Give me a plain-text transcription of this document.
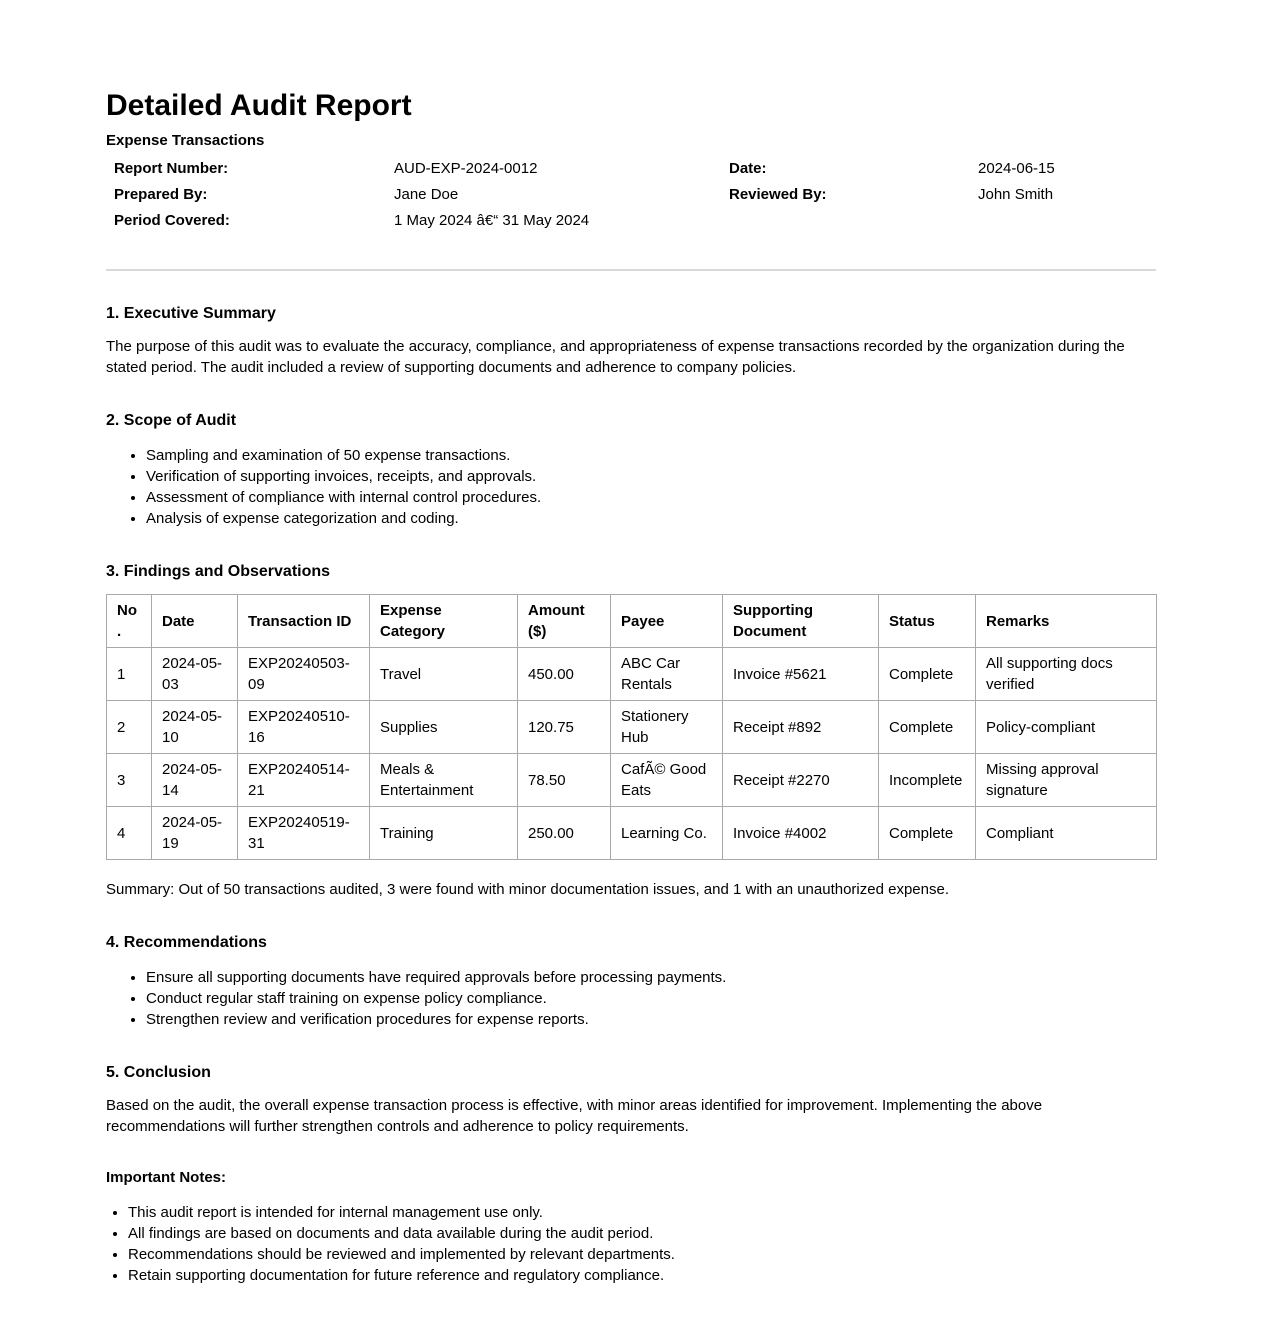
Detailed Audit Report

Expense Transactions

Report Number:	AUD-EXP-2024-0012	Date:	2024-06-15
Prepared By:	Jane Doe	Reviewed By:	John Smith
Period Covered:	1 May 2024 â€“ 31 May 2024		
1. Executive Summary

The purpose of this audit was to evaluate the accuracy, compliance, and appropriateness of expense transactions recorded by the organization during the stated period. The audit included a review of supporting documents and adherence to company policies.

2. Scope of Audit
• Sampling and examination of 50 expense transactions.
• Verification of supporting invoices, receipts, and approvals.
• Assessment of compliance with internal control procedures.
• Analysis of expense categorization and coding.
3. Findings and Observations
No.	Date	Transaction ID	Expense Category	Amount ($)	Payee	Supporting Document	Status	Remarks
1	2024-05-03	EXP20240503-09	Travel	450.00	ABC Car Rentals	Invoice #5621	Complete	All supporting docs verified
2	2024-05-10	EXP20240510-16	Supplies	120.75	Stationery Hub	Receipt #892	Complete	Policy-compliant
3	2024-05-14	EXP20240514-21	Meals & Entertainment	78.50	CafÃ© Good Eats	Receipt #2270	Incomplete	Missing approval signature
4	2024-05-19	EXP20240519-31	Training	250.00	Learning Co.	Invoice #4002	Complete	Compliant

Summary: Out of 50 transactions audited, 3 were found with minor documentation issues, and 1 with an unauthorized expense.

4. Recommendations
• Ensure all supporting documents have required approvals before processing payments.
• Conduct regular staff training on expense policy compliance.
• Strengthen review and verification procedures for expense reports.
5. Conclusion

Based on the audit, the overall expense transaction process is effective, with minor areas identified for improvement. Implementing the above recommendations will further strengthen controls and adherence to policy requirements.

Important Notes:

• This audit report is intended for internal management use only.
• All findings are based on documents and data available during the audit period.
• Recommendations should be reviewed and implemented by relevant departments.
• Retain supporting documentation for future reference and regulatory compliance.
